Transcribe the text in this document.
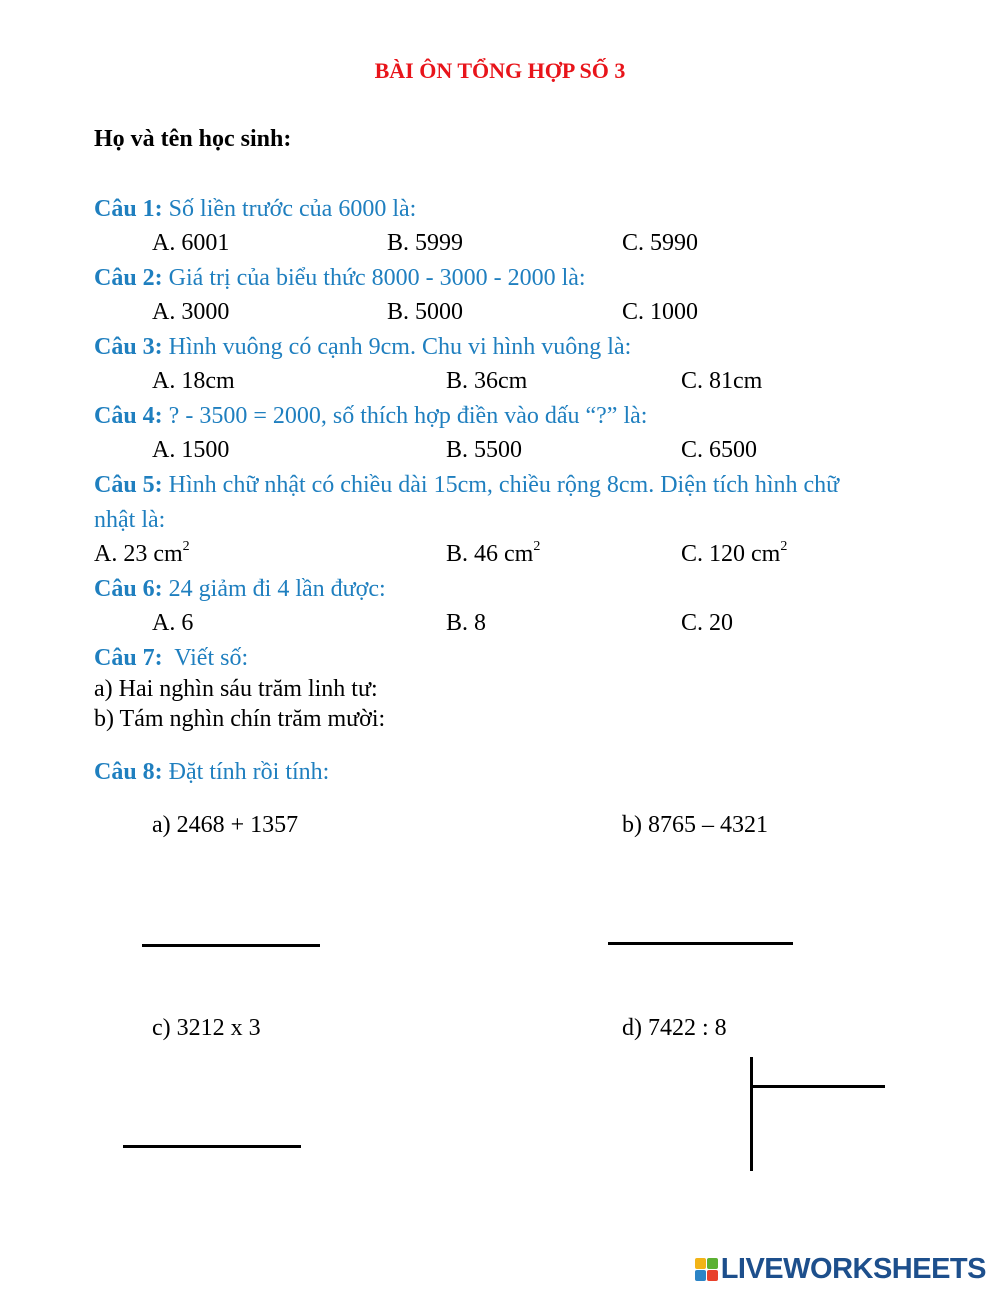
BÀI ÔN TỔNG HỢP SỐ 3
Họ và tên học sinh:
Câu 1: Số liền trước của 6000 là:
A. 6001	B. 5999	C. 5990
Câu 2: Giá trị của biểu thức 8000 - 3000 - 2000 là:
A. 3000	B. 5000	C. 1000
Câu 3: Hình vuông có cạnh 9cm. Chu vi hình vuông là:
A. 18cm	B. 36cm	C. 81cm
Câu 4: ? - 3500 = 2000, số thích hợp điền vào dấu “?” là:
A. 1500	B. 5500	C. 6500
Câu 5: Hình chữ nhật có chiều dài 15cm, chiều rộng 8cm. Diện tích hình chữ
nhật là:
A. 23 $cm^2$	B. 46 $cm^2$	C. 120 $cm^2$
Câu 6: 24 giảm đi 4 lần được:
A. 6	B. 8	C. 20
Câu 7:  Viết số:
a) Hai nghìn sáu trăm linh tư:
b) Tám nghìn chín trăm mười:
Câu 8: Đặt tính rồi tính:
a) 2468 + 1357	b) 8765 – 4321
c) 3212 x 3	d) 7422 : 8
LIVEWORKSHEETS
